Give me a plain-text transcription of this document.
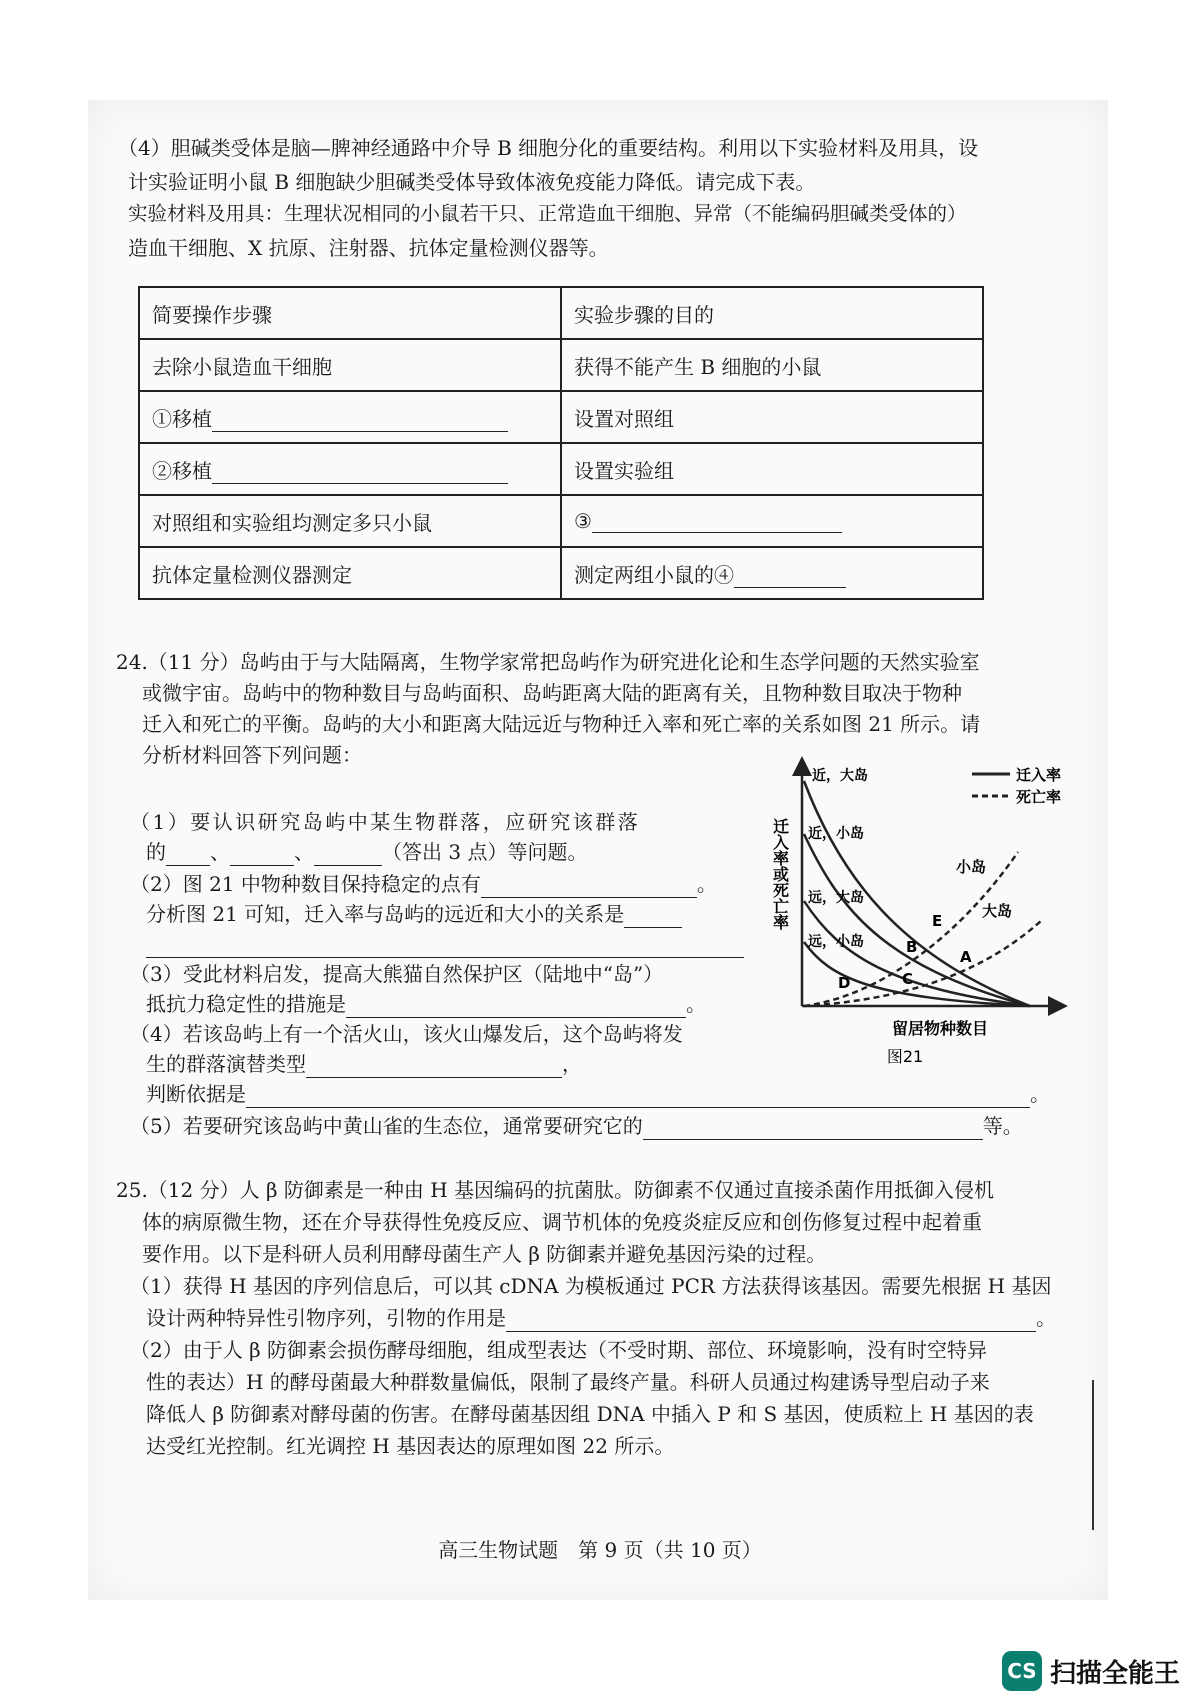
（4）胆碱类受体是脑—脾神经通路中介导 B 细胞分化的重要结构。利用以下实验材料及用具，设
计实验证明小鼠 B 细胞缺少胆碱类受体导致体液免疫能力降低。请完成下表。
实验材料及用具：生理状况相同的小鼠若干只、正常造血干细胞、异常（不能编码胆碱类受体的）
造血干细胞、X 抗原、注射器、抗体定量检测仪器等。
简要操作步骤	实验步骤的目的
去除小鼠造血干细胞	获得不能产生 B 细胞的小鼠
①移植	设置对照组
②移植	设置实验组
对照组和实验组均测定多只小鼠	③
抗体定量检测仪器测定	测定两组小鼠的④
24.（11 分）岛屿由于与大陆隔离，生物学家常把岛屿作为研究进化论和生态学问题的天然实验室
或微宇宙。岛屿中的物种数目与岛屿面积、岛屿距离大陆的距离有关，且物种数目取决于物种
迁入和死亡的平衡。岛屿的大小和距离大陆远近与物种迁入率和死亡率的关系如图 21 所示。请
分析材料回答下列问题：
（1）要认识研究岛屿中某生物群落，应研究该群落
的 、	、	（答出 3 点）等问题。
（2）图 21 中物种数目保持稳定的点有	。
分析图 21 可知，迁入率与岛屿的远近和大小的关系是
（3）受此材料启发，提高大熊猫自然保护区（陆地中“岛”）
抵抗力稳定性的措施是	。
（4）若该岛屿上有一个活火山，该火山爆发后，这个岛屿将发
生的群落演替类型	，
判断依据是	。
（5）若要研究该岛屿中黄山雀的生态位，通常要研究它的	等。
迁入率或死亡率
留居物种数目
图21
迁入率
死亡率
近，大岛
近，小岛
远，大岛
远，小岛
小岛
大岛
E
B
A
C
D
25.（12 分）人 β 防御素是一种由 H 基因编码的抗菌肽。防御素不仅通过直接杀菌作用抵御入侵机
体的病原微生物，还在介导获得性免疫反应、调节机体的免疫炎症反应和创伤修复过程中起着重
要作用。以下是科研人员利用酵母菌生产人 β 防御素并避免基因污染的过程。
（1）获得 H 基因的序列信息后，可以其 cDNA 为模板通过 PCR 方法获得该基因。需要先根据 H 基因
设计两种特异性引物序列，引物的作用是	。
（2）由于人 β 防御素会损伤酵母细胞，组成型表达（不受时期、部位、环境影响，没有时空特异
性的表达）H 的酵母菌最大种群数量偏低，限制了最终产量。科研人员通过构建诱导型启动子来
降低人 β 防御素对酵母菌的伤害。在酵母菌基因组 DNA 中插入 P 和 S 基因，使质粒上 H 基因的表
达受红光控制。红光调控 H 基因表达的原理如图 22 所示。
高三生物试题　第 9 页（共 10 页）
CS 扫描全能王
